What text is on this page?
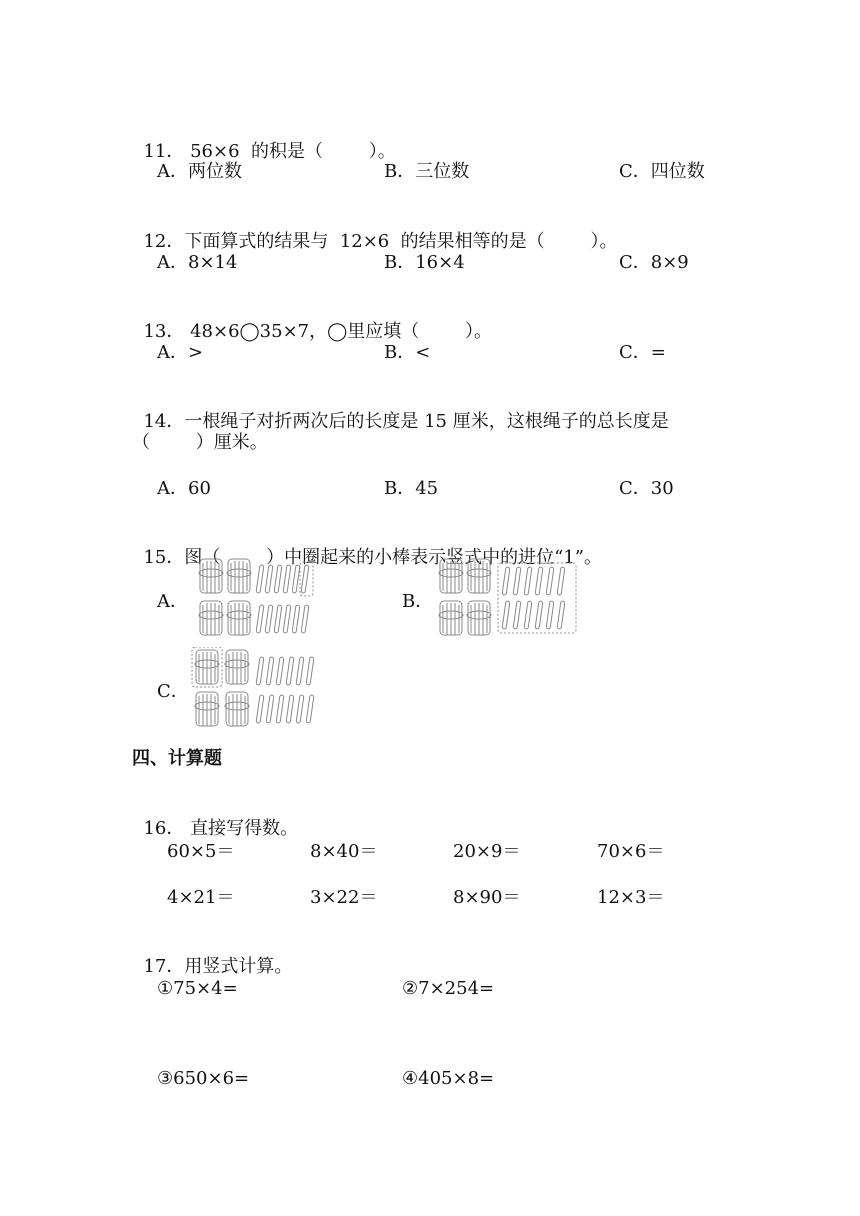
11． 56×6  的积是（        ）。

A．两位数	B．三位数	C．四位数

12．下面算式的结果与  12×6  的结果相等的是（        ）。

A．8×14	B．16×4	C．8×9

13． 48×6◯35×7，◯里应填（        ）。

A．>	B．<	C．=

14．一根绳子对折两次后的长度是 15 厘米，这根绳子的总长度是

（        ）厘米。
A．60	B．45	C．30

15．图（        ）中圈起来的小棒表示竖式中的进位“1”。

A．	B．
C．
四、计算题

16． 直接写得数。

60×5＝	8×40＝	20×9＝	70×6＝
4×21＝	3×22＝	8×90＝	12×3＝

17．用竖式计算。

①75×4=	②7×254=
③650×6=	④405×8=
